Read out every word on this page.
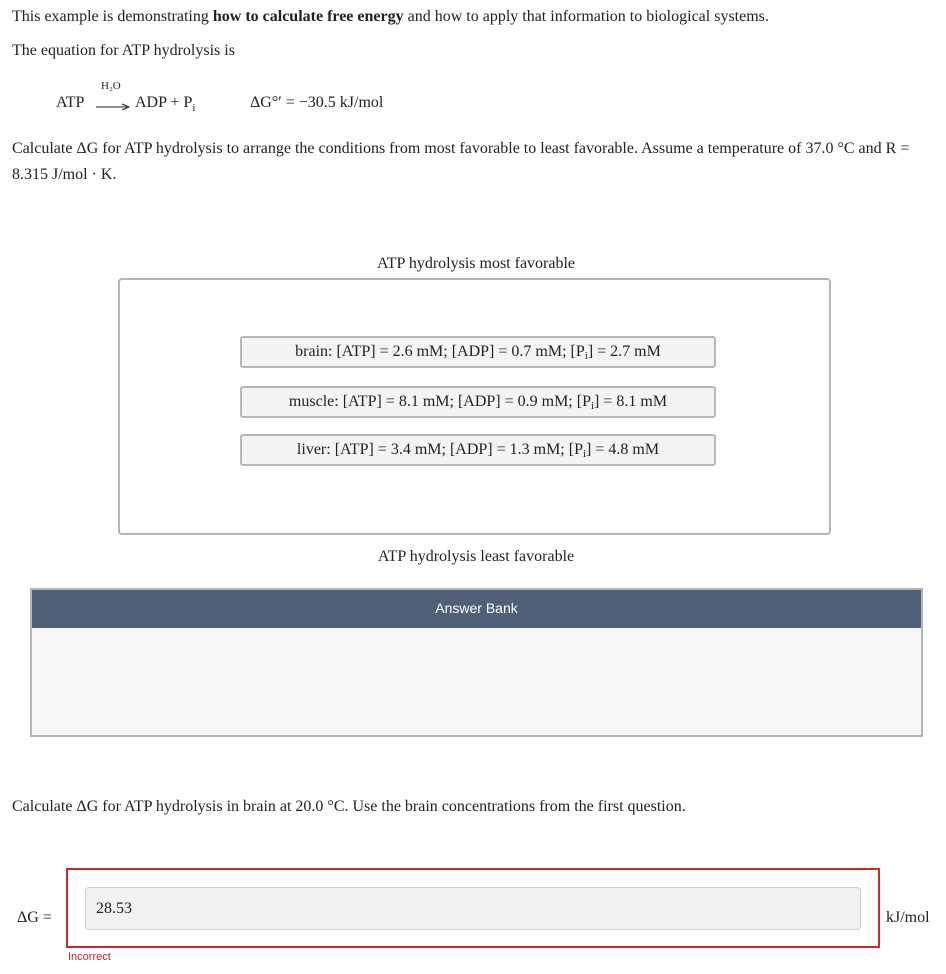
This example is demonstrating how to calculate free energy and how to apply that information to biological systems.
The equation for ATP hydrolysis is
ATP
H₂O
→ ADP + $P_i$	ΔG°′ = −30.5 kJ/mol
Calculate ΔG for ATP hydrolysis to arrange the conditions from most favorable to least favorable. Assume a temperature of 37.0 °C and R = 8.315 J/mol · K.
ATP hydrolysis most favorable
brain: [ATP] = 2.6 mM; [ADP] = 0.7 mM; $[P_i] = 2.7$ mM
muscle: [ATP] = 8.1 mM; [ADP] = 0.9 mM; $[P_i] = 8.1$ mM
liver: [ATP] = 3.4 mM; [ADP] = 1.3 mM; $[P_i] = 4.8$ mM
ATP hydrolysis least favorable
Answer Bank
Calculate ΔG for ATP hydrolysis in brain at 20.0 °C. Use the brain concentrations from the first question.
ΔG =
28.53	kJ/mol
Incorrect
